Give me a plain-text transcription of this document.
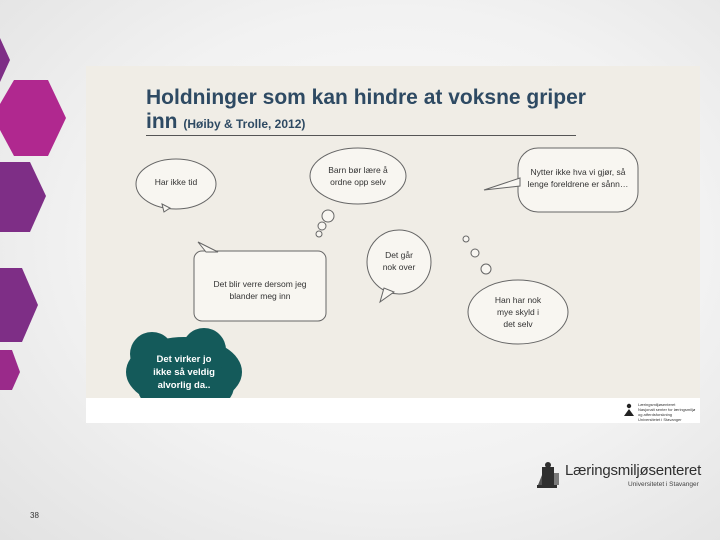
Holdninger som kan hindre at voksne griper inn (Høiby & Trolle, 2012)
Har ikke tid
Barn bør lære å
ordne opp selv
Nytter ikke hva vi gjør, så
lenge foreldrene er sånn…
Det går
nok over
Det blir verre dersom jeg
blander meg inn	Han har nok
mye skyld i
det selv
Det virker jo
ikke så veldig
alvorlig da..
Læringsmiljøsenteret
Nasjonalt senter for læringsmiljø
og atferdsforskning
Universitetet i Stavanger
Læringsmiljøsenteret
Universitetet i Stavanger
38
